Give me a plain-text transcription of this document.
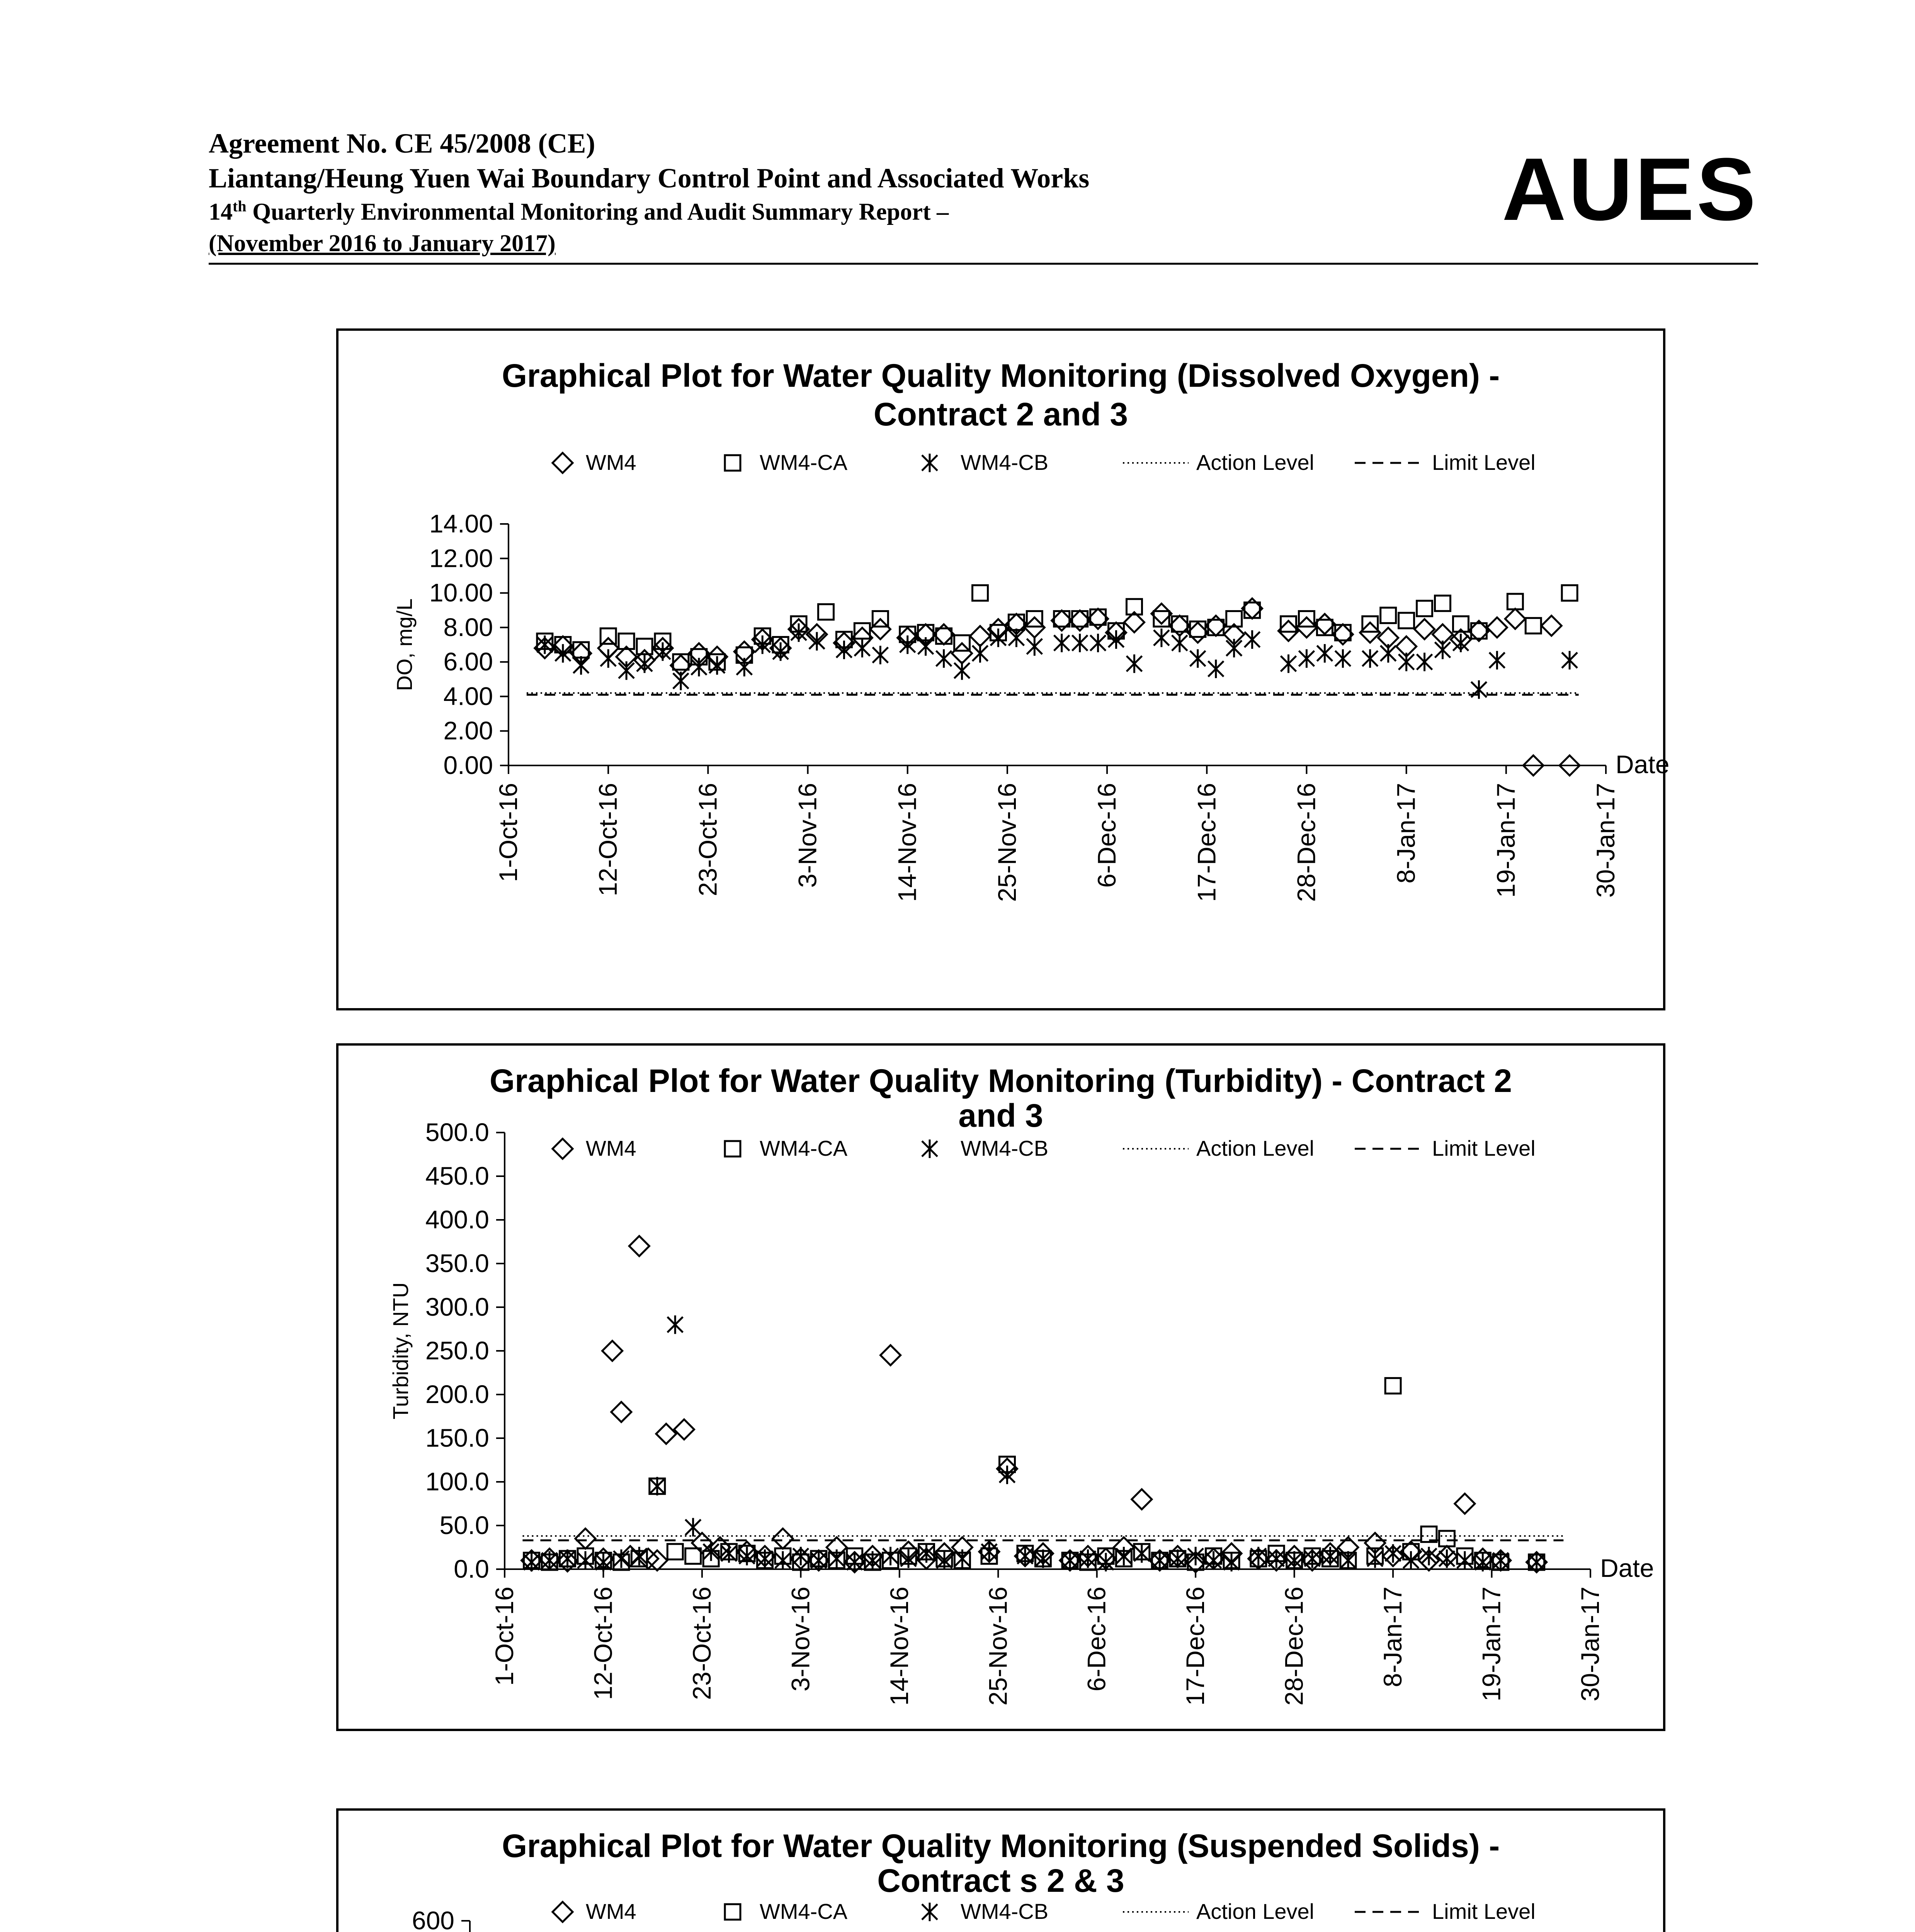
Agreement No. CE 45/2008 (CE)
Liantang/Heung Yuen Wai Boundary Control Point and Associated Works
14th Quarterly Environmental Monitoring and Audit Summary Report –
(November 2016 to January 2017)
AUES
Graphical Plot for Water Quality Monitoring (Dissolved Oxygen) -
Contract 2 and 3
WM4	WM4-CA	WM4-CB	Action Level	Limit Level
0.00
2.00
4.00
6.00
8.00
10.00
12.00
14.00
DO, mg/L
1-Oct-16	12-Oct-16	23-Oct-16	3-Nov-16	14-Nov-16	25-Nov-16	6-Dec-16	17-Dec-16	28-Dec-16	8-Jan-17	19-Jan-17	30-Jan-17
Date
Graphical Plot for Water Quality Monitoring (Turbidity) - Contract 2
and 3
WM4	WM4-CA	WM4-CB	Action Level	Limit Level
0.0
50.0
100.0
150.0
200.0
250.0
300.0
350.0
400.0
450.0
500.0
Turbidity, NTU
1-Oct-16	12-Oct-16	23-Oct-16	3-Nov-16	14-Nov-16	25-Nov-16	6-Dec-16	17-Dec-16	28-Dec-16	8-Jan-17	19-Jan-17	30-Jan-17
Date
Graphical Plot for Water Quality Monitoring (Suspended Solids) -
Contract s 2 & 3
WM4	WM4-CA	WM4-CB	Action Level	Limit Level
600
